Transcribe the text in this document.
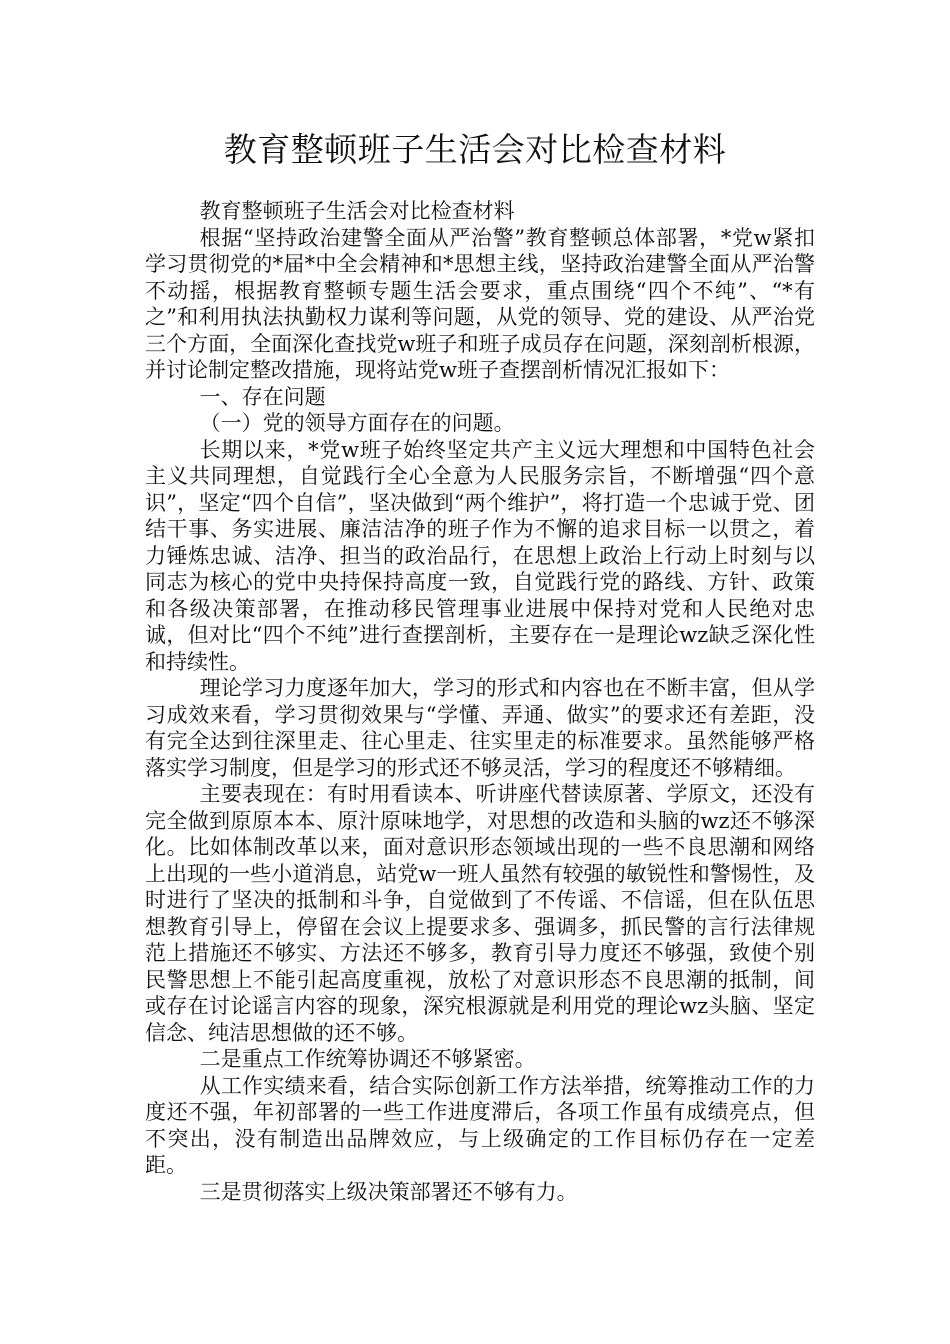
教育整顿班子生活会对比检查材料

教育整顿班子生活会对比检查材料

根据“坚持政治建警全面从严治警”教育整顿总体部署，*党w紧扣学习贯彻党的*届*中全会精神和*思想主线，坚持政治建警全面从严治警不动摇，根据教育整顿专题生活会要求，重点围绕“四个不纯”、“*有之”和利用执法执勤权力谋利等问题，从党的领导、党的建设、从严治党三个方面，全面深化查找党w班子和班子成员存在问题，深刻剖析根源，并讨论制定整改措施，现将站党w班子查摆剖析情况汇报如下：

一、存在问题

（一）党的领导方面存在的问题。

长期以来，*党w班子始终坚定共产主义远大理想和中国特色社会主义共同理想，自觉践行全心全意为人民服务宗旨，不断增强“四个意识”，坚定“四个自信”，坚决做到“两个维护”，将打造一个忠诚于党、团结干事、务实进展、廉洁洁净的班子作为不懈的追求目标一以贯之，着力锤炼忠诚、洁净、担当的政治品行，在思想上政治上行动上时刻与以同志为核心的党中央持保持高度一致，自觉践行党的路线、方针、政策和各级决策部署，在推动移民管理事业进展中保持对党和人民绝对忠诚，但对比“四个不纯”进行查摆剖析，主要存在一是理论wz缺乏深化性和持续性。

理论学习力度逐年加大，学习的形式和内容也在不断丰富，但从学习成效来看，学习贯彻效果与“学懂、弄通、做实”的要求还有差距，没有完全达到往深里走、往心里走、往实里走的标准要求。虽然能够严格落实学习制度，但是学习的形式还不够灵活，学习的程度还不够精细。

主要表现在：有时用看读本、听讲座代替读原著、学原文，还没有完全做到原原本本、原汁原味地学，对思想的改造和头脑的wz还不够深化。比如体制改革以来，面对意识形态领域出现的一些不良思潮和网络上出现的一些小道消息，站党w一班人虽然有较强的敏锐性和警惕性，及时进行了坚决的抵制和斗争，自觉做到了不传谣、不信谣，但在队伍思想教育引导上，停留在会议上提要求多、强调多，抓民警的言行法律规范上措施还不够实、方法还不够多，教育引导力度还不够强，致使个别民警思想上不能引起高度重视，放松了对意识形态不良思潮的抵制，间或存在讨论谣言内容的现象，深究根源就是利用党的理论wz头脑、坚定信念、纯洁思想做的还不够。

二是重点工作统筹协调还不够紧密。

从工作实绩来看，结合实际创新工作方法举措，统筹推动工作的力度还不强，年初部署的一些工作进度滞后，各项工作虽有成绩亮点，但不突出，没有制造出品牌效应，与上级确定的工作目标仍存在一定差距。

三是贯彻落实上级决策部署还不够有力。
